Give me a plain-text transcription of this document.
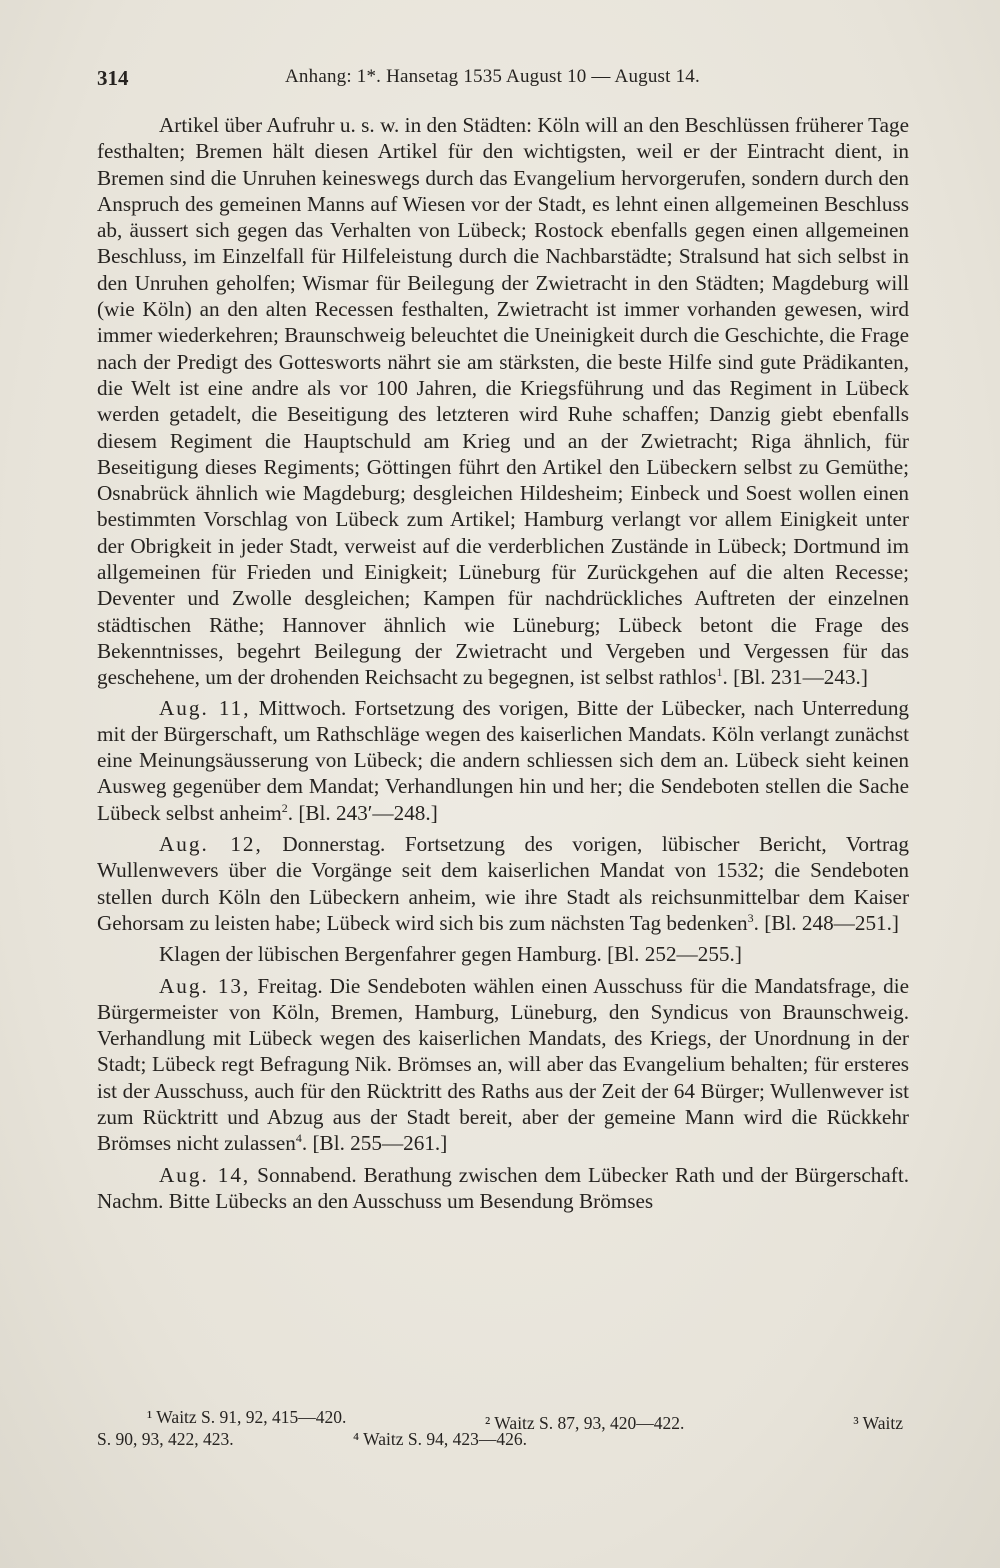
314	Anhang: 1*. Hansetag 1535 August 10 — August 14.

Artikel über Aufruhr u. s. w. in den Städten: Köln will an den Beschlüssen früherer Tage festhalten; Bremen hält diesen Artikel für den wichtigsten, weil er der Eintracht dient, in Bremen sind die Unruhen keineswegs durch das Evangelium hervorgerufen, sondern durch den Anspruch des gemeinen Manns auf Wiesen vor der Stadt, es lehnt einen allgemeinen Beschluss ab, äussert sich gegen das Verhalten von Lübeck; Rostock ebenfalls gegen einen allgemeinen Beschluss, im Einzelfall für Hilfeleistung durch die Nachbarstädte; Stralsund hat sich selbst in den Unruhen geholfen; Wismar für Beilegung der Zwietracht in den Städten; Magdeburg will (wie Köln) an den alten Recessen festhalten, Zwietracht ist immer vorhanden gewesen, wird immer wiederkehren; Braunschweig beleuchtet die Uneinigkeit durch die Geschichte, die Frage nach der Predigt des Gottesworts nährt sie am stärksten, die beste Hilfe sind gute Prädikanten, die Welt ist eine andre als vor 100 Jahren, die Kriegsführung und das Regiment in Lübeck werden getadelt, die Beseitigung des letzteren wird Ruhe schaffen; Danzig giebt ebenfalls diesem Regiment die Hauptschuld am Krieg und an der Zwietracht; Riga ähnlich, für Beseitigung dieses Regiments; Göttingen führt den Artikel den Lübeckern selbst zu Gemüthe; Osnabrück ähnlich wie Magdeburg; desgleichen Hildesheim; Einbeck und Soest wollen einen bestimmten Vorschlag von Lübeck zum Artikel; Hamburg verlangt vor allem Einigkeit unter der Obrigkeit in jeder Stadt, verweist auf die verderblichen Zustände in Lübeck; Dortmund im allgemeinen für Frieden und Einigkeit; Lüneburg für Zurückgehen auf die alten Recesse; Deventer und Zwolle desgleichen; Kampen für nachdrückliches Auftreten der einzelnen städtischen Räthe; Hannover ähnlich wie Lüneburg; Lübeck betont die Frage des Bekenntnisses, begehrt Beilegung der Zwietracht und Vergeben und Vergessen für das geschehene, um der drohenden Reichsacht zu begegnen, ist selbst rathlos$^1$. [Bl. 231—243.]

Aug. 11, Mittwoch. Fortsetzung des vorigen, Bitte der Lübecker, nach Unterredung mit der Bürgerschaft, um Rathschläge wegen des kaiserlichen Mandats. Köln verlangt zunächst eine Meinungsäusserung von Lübeck; die andern schliessen sich dem an. Lübeck sieht keinen Ausweg gegenüber dem Mandat; Verhandlungen hin und her; die Sendeboten stellen die Sache Lübeck selbst anheim$^2$. [Bl. 243′—248.]

Aug. 12, Donnerstag. Fortsetzung des vorigen, lübischer Bericht, Vortrag Wullenwevers über die Vorgänge seit dem kaiserlichen Mandat von 1532; die Sendeboten stellen durch Köln den Lübeckern anheim, wie ihre Stadt als reichsunmittelbar dem Kaiser Gehorsam zu leisten habe; Lübeck wird sich bis zum nächsten Tag bedenken$^3$. [Bl. 248—251.]

Klagen der lübischen Bergenfahrer gegen Hamburg. [Bl. 252—255.]

Aug. 13, Freitag. Die Sendeboten wählen einen Ausschuss für die Mandatsfrage, die Bürgermeister von Köln, Bremen, Hamburg, Lüneburg, den Syndicus von Braunschweig. Verhandlung mit Lübeck wegen des kaiserlichen Mandats, des Kriegs, der Unordnung in der Stadt; Lübeck regt Befragung Nik. Brömses an, will aber das Evangelium behalten; für ersteres ist der Ausschuss, auch für den Rücktritt des Raths aus der Zeit der 64 Bürger; Wullenwever ist zum Rücktritt und Abzug aus der Stadt bereit, aber der gemeine Mann wird die Rückkehr Brömses nicht zulassen$^4$. [Bl. 255—261.]

Aug. 14, Sonnabend. Berathung zwischen dem Lübecker Rath und der Bürgerschaft. Nachm. Bitte Lübecks an den Ausschuss um Besendung Brömses

¹ Waitz S. 91, 92, 415—420.	² Waitz S. 87, 93, 420—422.	³ Waitz
S. 90, 93, 422, 423.	⁴ Waitz S. 94, 423—426.
